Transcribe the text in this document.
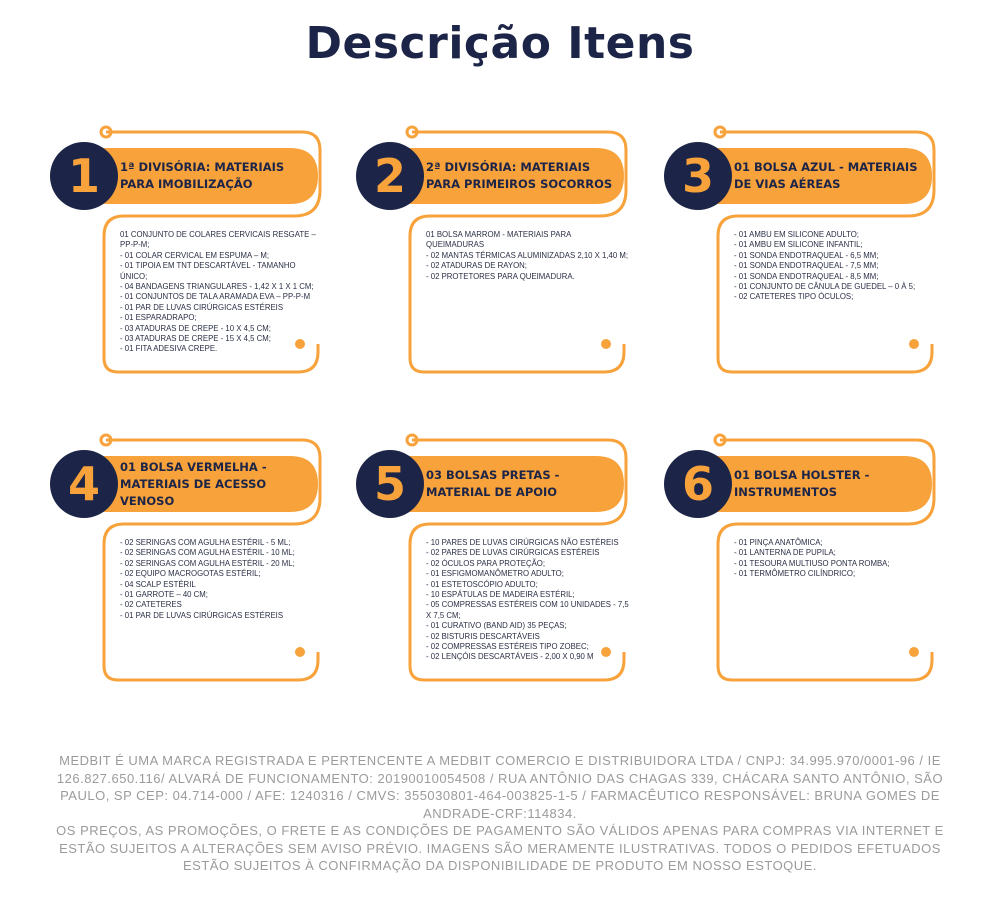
Descrição Itens
1	1ª DIVISÓRIA: MATERIAIS PARA IMOBILIZAÇÃO
01 CONJUNTO DE COLARES CERVICAIS RESGATE – PP-P-M;
- 01 COLAR CERVICAL EM ESPUMA – M;
- 01 TIPOIA EM TNT DESCARTÁVEL - TAMANHO ÚNICO;
- 04 BANDAGENS TRIANGULARES - 1,42 X 1 X 1 CM;
- 01 CONJUNTOS DE TALA ARAMADA EVA – PP-P-M
- 01 PAR DE LUVAS CIRÚRGICAS ESTÉREIS
- 01 ESPARADRAPO;
- 03 ATADURAS DE CREPE - 10 X 4,5 CM;
- 03 ATADURAS DE CREPE - 15 X 4,5 CM;
- 01 FITA ADESIVA CREPE.
2	2ª DIVISÓRIA: MATERIAIS PARA PRIMEIROS SOCORROS
01 BOLSA MARROM - MATERIAIS PARA QUEIMADURAS
- 02 MANTAS TÉRMICAS ALUMINIZADAS 2,10 X 1,40 M;
- 02 ATADURAS DE RAYON;
- 02 PROTETORES PARA QUEIMADURA.
3	01 BOLSA AZUL - MATERIAIS DE VIAS AÉREAS
- 01 AMBU EM SILICONE ADULTO;
- 01 AMBU EM SILICONE INFANTIL;
- 01 SONDA ENDOTRAQUEAL - 6,5 MM;
- 01 SONDA ENDOTRAQUEAL - 7,5 MM;
- 01 SONDA ENDOTRAQUEAL - 8,5 MM;
- 01 CONJUNTO DE CÂNULA DE GUEDEL – 0 À 5;
- 02 CATETERES TIPO ÓCULOS;
4	01 BOLSA VERMELHA - MATERIAIS DE ACESSO VENOSO
- 02 SERINGAS COM AGULHA ESTÉRIL - 5 ML;
- 02 SERINGAS COM AGULHA ESTÉRIL - 10 ML;
- 02 SERINGAS COM AGULHA ESTÉRIL - 20 ML;
- 02 EQUIPO MACROGOTAS ESTÉRIL;
- 04 SCALP ESTÉRIL
- 01 GARROTE – 40 CM;
- 02 CATETERES
- 01 PAR DE LUVAS CIRÚRGICAS ESTÉREIS
5	03 BOLSAS PRETAS - MATERIAL DE APOIO
- 10 PARES DE LUVAS CIRÚRGICAS NÃO ESTÉREIS
- 02 PARES DE LUVAS CIRÚRGICAS ESTÉREIS
- 02 ÓCULOS PARA PROTEÇÃO;
- 01 ESFIGMOMANÔMETRO ADULTO;
- 01 ESTETOSCÓPIO ADULTO;
- 10 ESPÁTULAS DE MADEIRA ESTÉRIL;
- 05 COMPRESSAS ESTÉREIS COM 10 UNIDADES - 7,5 X 7,5 CM;
- 01 CURATIVO (BAND AID) 35 PEÇAS;
- 02 BISTURIS DESCARTÁVEIS
- 02 COMPRESSAS ESTÉREIS TIPO ZOBEC;
- 02 LENÇÓIS DESCARTÁVEIS - 2,00 X 0,90 M
6	01 BOLSA HOLSTER - INSTRUMENTOS
- 01 PINÇA ANATÔMICA;
- 01 LANTERNA DE PUPILA;
- 01 TESOURA MULTIUSO PONTA ROMBA;
- 01 TERMÔMETRO CILÍNDRICO;

MEDBIT É UMA MARCA REGISTRADA E PERTENCENTE A MEDBIT COMERCIO E DISTRIBUIDORA LTDA / CNPJ: 34.995.970/0001-96 / IE 126.827.650.116/ ALVARÁ DE FUNCIONAMENTO: 20190010054508 / RUA ANTÔNIO DAS CHAGAS 339, CHÁCARA SANTO ANTÔNIO, SÃO PAULO, SP CEP: 04.714-000 / AFE: 1240316 / CMVS: 355030801-464-003825-1-5 / FARMACÊUTICO RESPONSÁVEL: BRUNA GOMES DE ANDRADE-CRF:114834.

OS PREÇOS, AS PROMOÇÕES, O FRETE E AS CONDIÇÕES DE PAGAMENTO SÃO VÁLIDOS APENAS PARA COMPRAS VIA INTERNET E ESTÃO SUJEITOS A ALTERAÇÕES SEM AVISO PRÉVIO. IMAGENS SÃO MERAMENTE ILUSTRATIVAS. TODOS O PEDIDOS EFETUADOS ESTÃO SUJEITOS À CONFIRMAÇÃO DA DISPONIBILIDADE DE PRODUTO EM NOSSO ESTOQUE.
